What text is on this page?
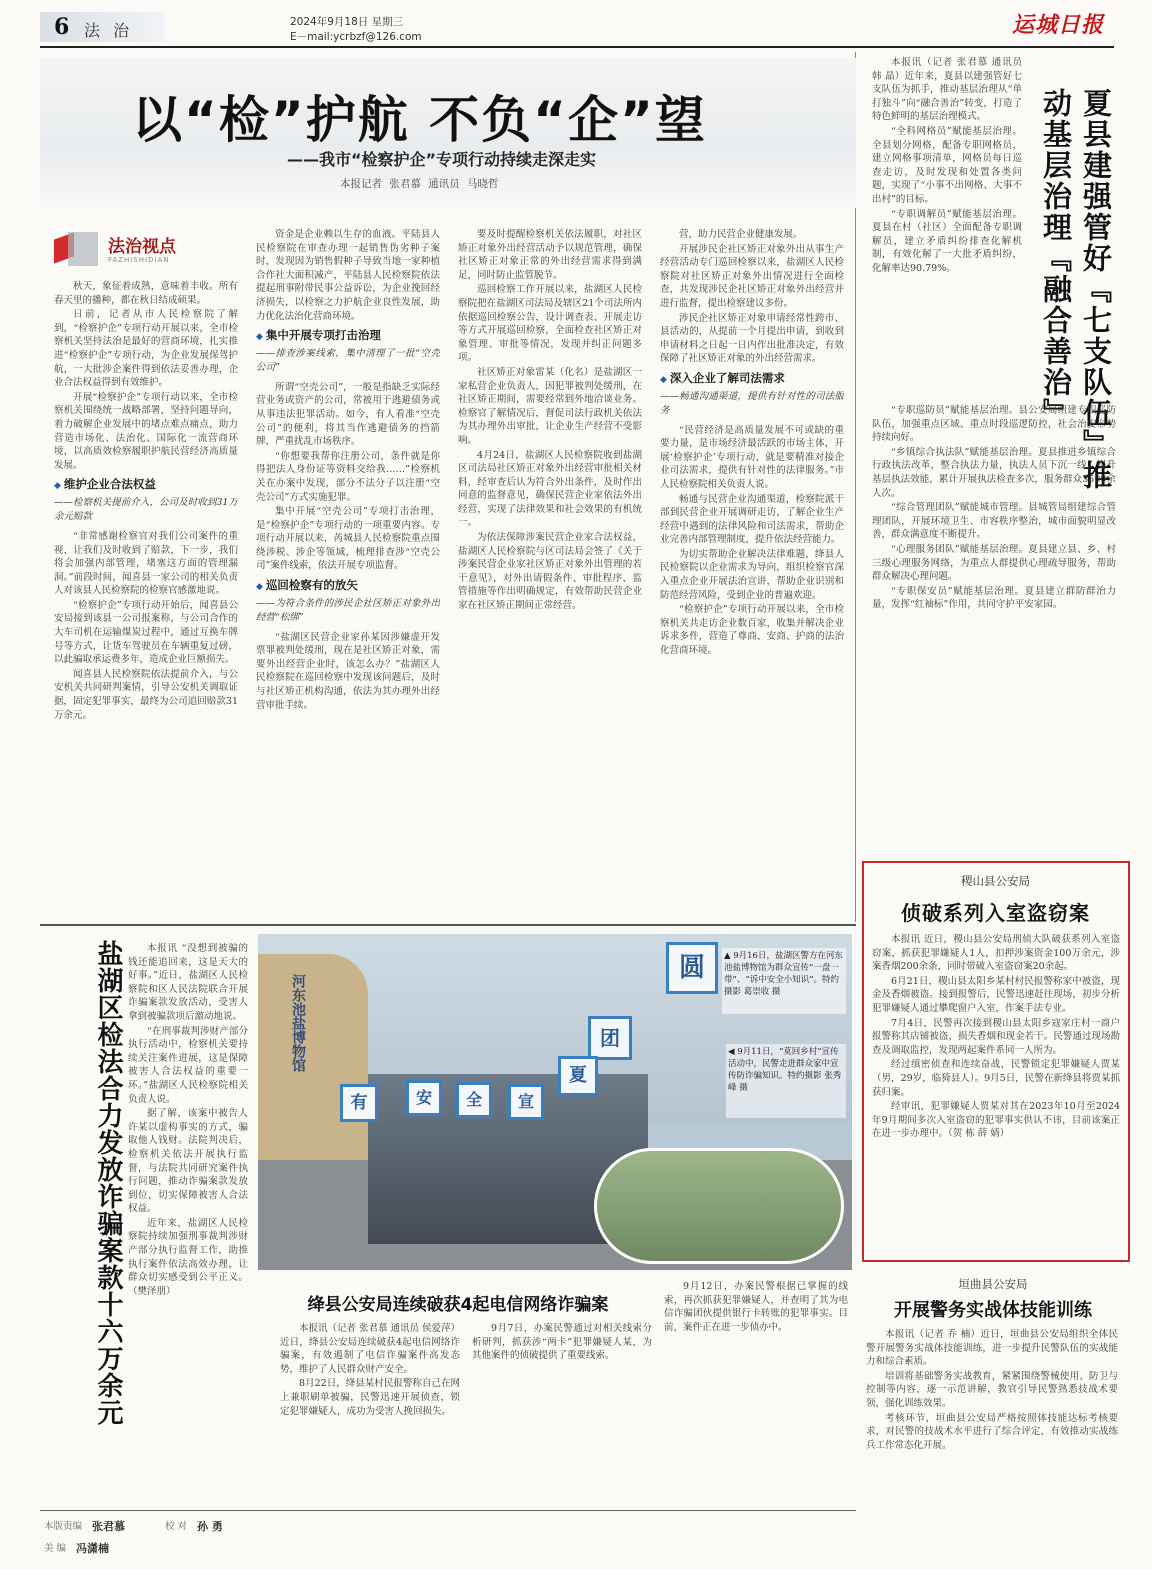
6 法 治	2024年9月18日 星期三
E－mail:ycrbzf@126.com	运城日报
以“检”护航 不负“企”望
——我市“检察护企”专项行动持续走深走实
本报记者 张君慕 通讯员 马晓哲
法治视点
FAZHISHIDIAN

秋天，象征着成熟，意味着丰收。所有春天里的播种，都在秋日结成硕果。

日前，记者从市人民检察院了解到，“检察护企”专项行动开展以来，全市检察机关坚持法治是最好的营商环境，扎实推进“检察护企”专项行动，为企业发展保驾护航，一大批涉企案件得到依法妥善办理，企业合法权益得到有效维护。

开展“检察护企”专项行动以来，全市检察机关围绕统一战略部署，坚持问题导向，着力破解企业发展中的堵点难点痛点，助力营造市场化、法治化、国际化一流营商环境，以高质效检察履职护航民营经济高质量发展。

◆ 维护企业合法权益
——检察机关提前介入，公司及时收到31万余元赔款

“非常感谢检察官对我们公司案件的重视，让我们及时收到了赔款，下一步，我们将会加强内部管理，堵塞这方面的管理漏洞。”前段时间，闻喜县一家公司的相关负责人对该县人民检察院的检察官感激地说。

“检察护企”专项行动开始后，闻喜县公安局接到该县一公司报案称，与公司合作的大车司机在运输煤炭过程中，通过互换车牌号等方式，让货车驾驶员在车辆重复过磅，以此骗取承运费多年，造成企业巨额损失。

闻喜县人民检察院依法提前介入，与公安机关共同研判案情，引导公安机关调取证据，固定犯罪事实，最终为公司追回赔款31万余元。

资金是企业赖以生存的血液。平陆县人民检察院在审查办理一起销售伪劣种子案时，发现因为销售假种子导致当地一家种植合作社大面积减产，平陆县人民检察院依法提起刑事附带民事公益诉讼，为企业挽回经济损失，以检察之力护航企业良性发展，助力优化法治化营商环境。

◆ 集中开展专项打击治理
——排查涉案线索，集中清理了一批“空壳公司”

所谓“空壳公司”，一般是指缺乏实际经营业务或资产的公司，常被用于逃避债务或从事违法犯罪活动。如今，有人看准“空壳公司”的便利，将其当作逃避债务的挡箭牌，严重扰乱市场秩序。

“你想要我帮你注册公司，条件就是你得把法人身份证等资料交给我……”检察机关在办案中发现，部分不法分子以注册“空壳公司”方式实施犯罪。

集中开展“空壳公司”专项打击治理，是“检察护企”专项行动的一项重要内容。专项行动开展以来，芮城县人民检察院重点围绕涉税、涉企等领域，梳理排查涉“空壳公司”案件线索，依法开展专项监督。

◆ 巡回检察有的放矢
——为符合条件的涉民企社区矫正对象外出经营“松绑”

“盐湖区民营企业家孙某因涉嫌虚开发票罪被判处缓刑，现在是社区矫正对象，需要外出经营企业时，该怎么办？”盐湖区人民检察院在巡回检察中发现该问题后，及时与社区矫正机构沟通，依法为其办理外出经营审批手续。

要及时提醒检察机关依法履职，对社区矫正对象外出经营活动予以规范管理，确保社区矫正对象正常的外出经营需求得到满足，同时防止监管脱节。

巡回检察工作开展以来，盐湖区人民检察院把在盐湖区司法局及辖区21个司法所内依据巡回检察公告，设计调查表、开展走访等方式开展巡回检察，全面检查社区矫正对象管理、审批等情况，发现并纠正问题多项。

社区矫正对象雷某（化名）是盐湖区一家私营企业负责人，因犯罪被判处缓刑，在社区矫正期间，需要经常到外地洽谈业务。检察官了解情况后，督促司法行政机关依法为其办理外出审批，让企业生产经营不受影响。

4月24日，盐湖区人民检察院收到盐湖区司法局社区矫正对象外出经营审批相关材料，经审查后认为符合外出条件，及时作出同意的监督意见，确保民营企业家依法外出经营，实现了法律效果和社会效果的有机统一。

为依法保障涉案民营企业家合法权益，盐湖区人民检察院与区司法局会签了《关于涉案民营企业家社区矫正对象外出管理的若干意见》，对外出请假条件、审批程序、监管措施等作出明确规定，有效帮助民营企业家在社区矫正期间正常经营。

营，助力民营企业健康发展。

开展涉民企社区矫正对象外出从事生产经营活动专门巡回检察以来，盐湖区人民检察院对社区矫正对象外出情况进行全面检查，共发现涉民企社区矫正对象外出经营并进行监督，提出检察建议多份。

涉民企社区矫正对象申请经常性跨市、县活动的，从提前一个月提出申请，到收到申请材料之日起一日内作出批准决定，有效保障了社区矫正对象的外出经营需求。

◆ 深入企业了解司法需求
——畅通沟通渠道，提供有针对性的司法服务

“民营经济是高质量发展不可或缺的重要力量，是市场经济最活跃的市场主体，开展‘检察护企’专项行动，就是要精准对接企业司法需求，提供有针对性的法律服务。”市人民检察院相关负责人说。

畅通与民营企业沟通渠道，检察院派干部到民营企业开展调研走访，了解企业生产经营中遇到的法律风险和司法需求，帮助企业完善内部管理制度，提升依法经营能力。

为切实帮助企业解决法律难题，绛县人民检察院以企业需求为导向，组织检察官深入重点企业开展法治宣讲，帮助企业识别和防范经营风险，受到企业的普遍欢迎。

“检察护企”专项行动开展以来，全市检察机关共走访企业数百家，收集并解决企业诉求多件，营造了尊商、安商、护商的法治化营商环境。

本报讯（记者 张君慕 通讯员 韩 晶）近年来，夏县以建强管好七支队伍为抓手，推动基层治理从“单打独斗”向“融合善治”转变，打造了特色鲜明的基层治理模式。

“全科网格员”赋能基层治理。全县划分网格，配备专职网格员，建立网格事项清单，网格员每日巡查走访，及时发现和处置各类问题，实现了“小事不出网格、大事不出村”的目标。

“专职调解员”赋能基层治理。夏县在村（社区）全面配备专职调解员，建立矛盾纠纷排查化解机制，有效化解了一大批矛盾纠纷，化解率达90.79%。	夏县建强管好『七支队伍』推动基层治理『融合善治』

“专职巡防员”赋能基层治理。县公安局组建专职巡防队伍，加强重点区域、重点时段巡逻防控，社会治安形势持续向好。

“乡镇综合执法队”赋能基层治理。夏县推进乡镇综合行政执法改革，整合执法力量，执法人员下沉一线，提升基层执法效能，累计开展执法检查多次，服务群众3500余人次。

“综合管理团队”赋能城市管理。县城管局组建综合管理团队，开展环境卫生、市容秩序整治，城市面貌明显改善，群众满意度不断提升。

“心理服务团队”赋能基层治理。夏县建立县、乡、村三级心理服务网络，为重点人群提供心理疏导服务，帮助群众解决心理问题。

“专职保安员”赋能基层治理。夏县建立群防群治力量，发挥“红袖标”作用，共同守护平安家园。

稷山县公安局
侦破系列入室盗窃案

本报讯 近日，稷山县公安局刑侦大队破获系列入室盗窃案，抓获犯罪嫌疑人1人，扣押涉案资金100万余元，涉案香烟200余条，同时带破入室盗窃案20余起。

6月21日，稷山县太阳乡某村村民报警称家中被盗，现金及香烟被盗。接到报警后，民警迅速赶往现场，初步分析犯罪嫌疑人通过攀爬窗户入室，作案手法专业。

7月4日，民警再次接到稷山县太阳乡寇家庄村一商户报警称其店铺被盗，损失香烟和现金若干。民警通过现场勘查及调取监控，发现两起案件系同一人所为。

经过缜密侦查和连续奋战，民警锁定犯罪嫌疑人贾某（男，29岁，临猗县人）。9月5日，民警在新绛县将贾某抓获归案。

经审讯，犯罪嫌疑人贾某对其在2023年10月至2024年9月期间多次入室盗窃的犯罪事实供认不讳，目前该案正在进一步办理中。（贺 栋 薛 婧）

垣曲县公安局
开展警务实战体技能训练

本报讯（记者 乔 楠）近日，垣曲县公安局组织全体民警开展警务实战体技能训练，进一步提升民警队伍的实战能力和综合素质。

培训将基础警务实战教育，紧紧围绕警械使用、防卫与控制等内容，逐一示范讲解，教官引导民警熟悉技战术要领，强化训练效果。

考核环节，垣曲县公安局严格按照体技能达标考核要求，对民警的技战术水平进行了综合评定，有效推动实战练兵工作常态化开展。

盐湖区检法合力发放诈骗案款十六万余元	本报讯 “没想到被骗的钱还能追回来，这是天大的好事。”近日，盐湖区人民检察院和区人民法院联合开展诈骗案款发放活动，受害人拿到被骗款项后激动地说。

“在刑事裁判涉财产部分执行活动中，检察机关要持续关注案件进展，这是保障被害人合法权益的重要一环。”盐湖区人民检察院相关负责人说。

据了解，该案中被告人许某以虚构事实的方式，骗取他人钱财。法院判决后，检察机关依法开展执行监督，与法院共同研究案件执行问题，推动诈骗案款发放到位，切实保障被害人合法权益。

近年来，盐湖区人民检察院持续加强刑事裁判涉财产部分执行监督工作，助推执行案件依法高效办理，让群众切实感受到公平正义。（樊泽朋）

河东池盐博物馆
圆
团
夏
宣
全
安
有
▲ 9月16日，盐湖区警方在河东池盐博物馆为群众宣传“一盘一带”、“诉中安全小知识”。特约摄影 葛崇收 摄
◀ 9月11日，“莫回乡村”宣传活动中，民警走进群众家中宣传防诈骗知识。特约摄影 张秀峰 摄
绛县公安局连续破获4起电信网络诈骗案

本报讯（记者 张君慕 通讯员 侯爱萍）近日，绛县公安局连续破获4起电信网络诈骗案，有效遏制了电信诈骗案件高发态势，维护了人民群众财产安全。

8月22日，绛县某村民报警称自己在网上兼职刷单被骗，民警迅速开展侦查，锁定犯罪嫌疑人，成功为受害人挽回损失。

9月7日，办案民警通过对相关线索分析研判，抓获涉“两卡”犯罪嫌疑人某，为其他案件的侦破提供了重要线索。

9月12日，办案民警根据已掌握的线索，再次抓获犯罪嫌疑人，并查明了其为电信诈骗团伙提供银行卡转账的犯罪事实。目前，案件正在进一步侦办中。

本版责编 张君慕	校 对 孙 勇
美 编 冯潇楠
